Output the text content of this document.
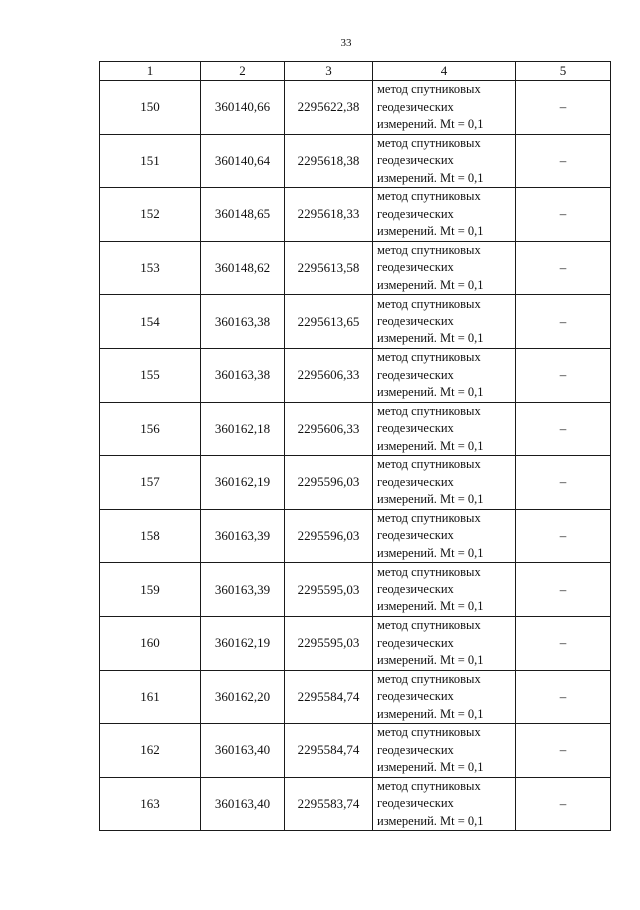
33
1	2	3	4	5
150	360140,66	2295622,38	метод спутниковых
геодезических
измерений. Mt = 0,1	–
151	360140,64	2295618,38	метод спутниковых
геодезических
измерений. Mt = 0,1	–
152	360148,65	2295618,33	метод спутниковых
геодезических
измерений. Mt = 0,1	–
153	360148,62	2295613,58	метод спутниковых
геодезических
измерений. Mt = 0,1	–
154	360163,38	2295613,65	метод спутниковых
геодезических
измерений. Mt = 0,1	–
155	360163,38	2295606,33	метод спутниковых
геодезических
измерений. Mt = 0,1	–
156	360162,18	2295606,33	метод спутниковых
геодезических
измерений. Mt = 0,1	–
157	360162,19	2295596,03	метод спутниковых
геодезических
измерений. Mt = 0,1	–
158	360163,39	2295596,03	метод спутниковых
геодезических
измерений. Mt = 0,1	–
159	360163,39	2295595,03	метод спутниковых
геодезических
измерений. Mt = 0,1	–
160	360162,19	2295595,03	метод спутниковых
геодезических
измерений. Mt = 0,1	–
161	360162,20	2295584,74	метод спутниковых
геодезических
измерений. Mt = 0,1	–
162	360163,40	2295584,74	метод спутниковых
геодезических
измерений. Mt = 0,1	–
163	360163,40	2295583,74	метод спутниковых
геодезических
измерений. Mt = 0,1	–
